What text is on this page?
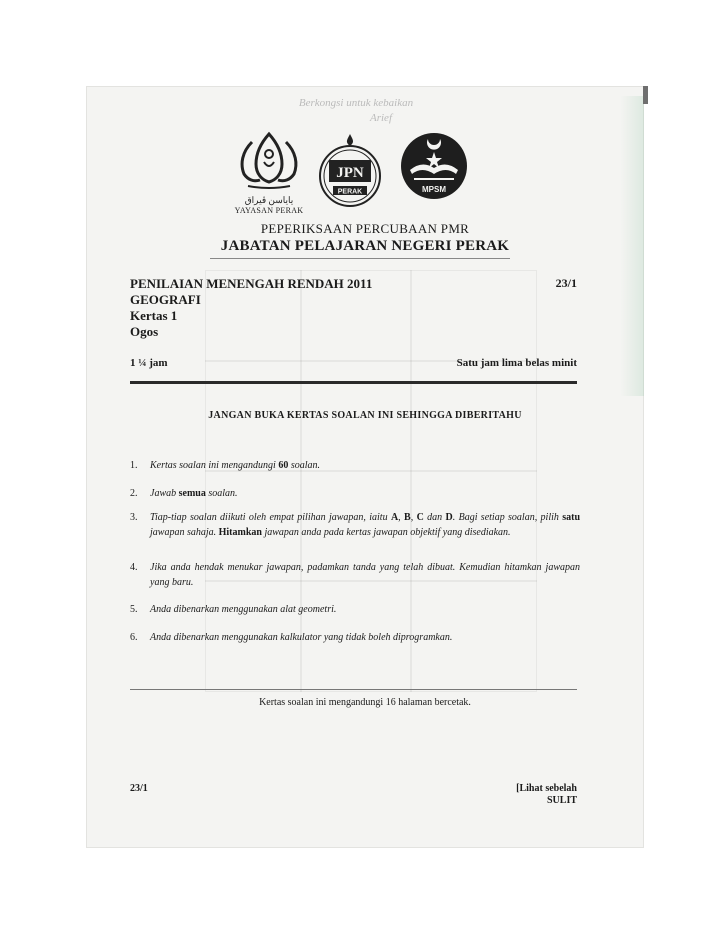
Berkongsi untuk kebaikan
Arief
ياياسن ڤيراق
YAYASAN PERAK
JPN
PERAK	MPSM
PEPERIKSAAN PERCUBAAN PMR
JABATAN PELAJARAN NEGERI PERAK
PENILAIAN MENENGAH RENDAH 2011	23/1
GEOGRAFI
Kertas 1
Ogos
1 ¼ jam	Satu jam lima belas minit
JANGAN BUKA KERTAS SOALAN INI SEHINGGA DIBERITAHU
1. Kertas soalan ini mengandungi 60 soalan.
2. Jawab semua soalan.
3. Tiap-tiap soalan diikuti oleh empat pilihan jawapan, iaitu A, B, C dan D. Bagi setiap soalan, pilih satu jawapan sahaja. Hitamkan jawapan anda pada kertas jawapan objektif yang disediakan.
4. Jika anda hendak menukar jawapan, padamkan tanda yang telah dibuat. Kemudian hitamkan jawapan yang baru.
5. Anda dibenarkan menggunakan alat geometri.
6. Anda dibenarkan menggunakan kalkulator yang tidak boleh diprogramkan.
Kertas soalan ini mengandungi 16 halaman bercetak.
23/1	[Lihat sebelah
SULIT
